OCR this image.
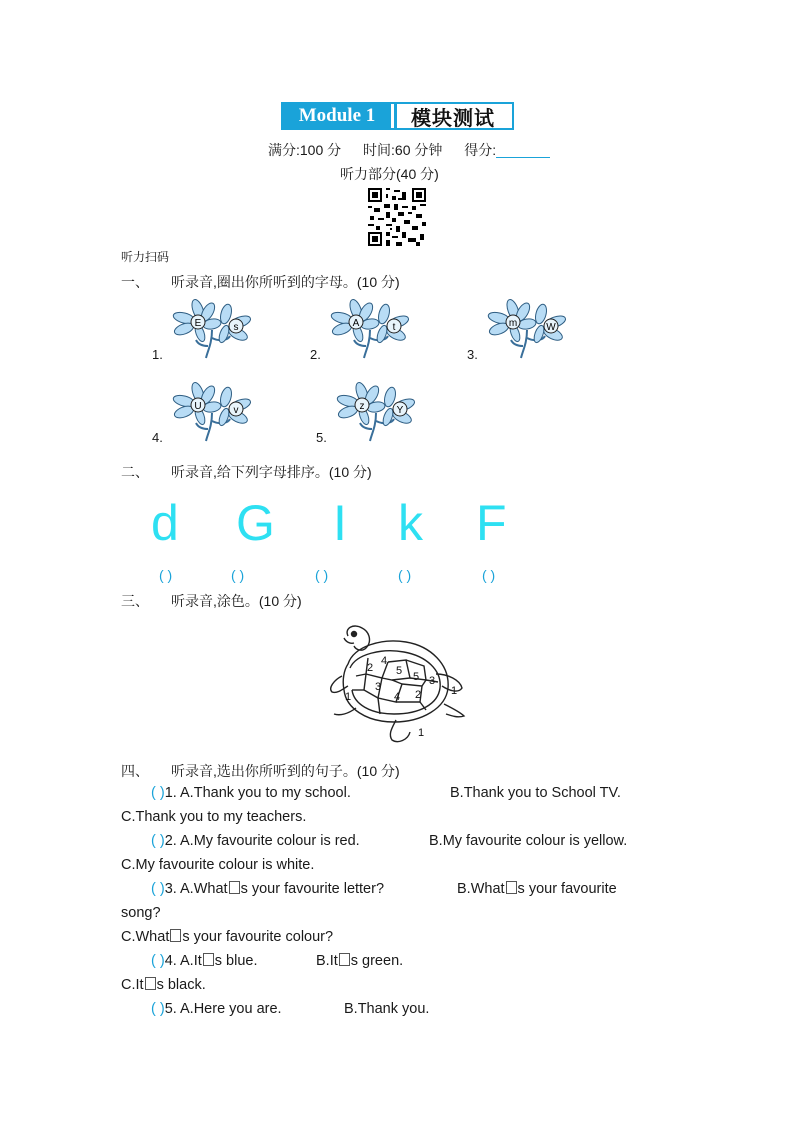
Module 1	模块测试
满分:100 分 时间:60 分钟 得分:
听力部分(40 分)
听力扫码
一、 听录音,圈出你所听到的字母。(10 分)
1.
E	s
2.
A	t
3.
m	W
4.
U	v
5.
z	Y
二、 听录音,给下列字母排序。(10 分)
d G I k F
( )	( )	( )	( )	( )
三、 听录音,涂色。(10 分)
2
4
5 5 3
1
3
4 2
1
1
四、 听录音,选出你所听到的句子。(10 分)
( )1. A.Thank you to my school.	B.Thank you to School TV.
C.Thank you to my teachers.
( )2. A.My favourite colour is red.	B.My favourite colour is yellow.
C.My favourite colour is white.
( )3. A.What s your favourite letter?	B.What s your favourite
song?
C.What s your favourite colour?
( )4. A.It s blue.	B.It s green.
C.It s black.
( )5. A.Here you are.	B.Thank you.
